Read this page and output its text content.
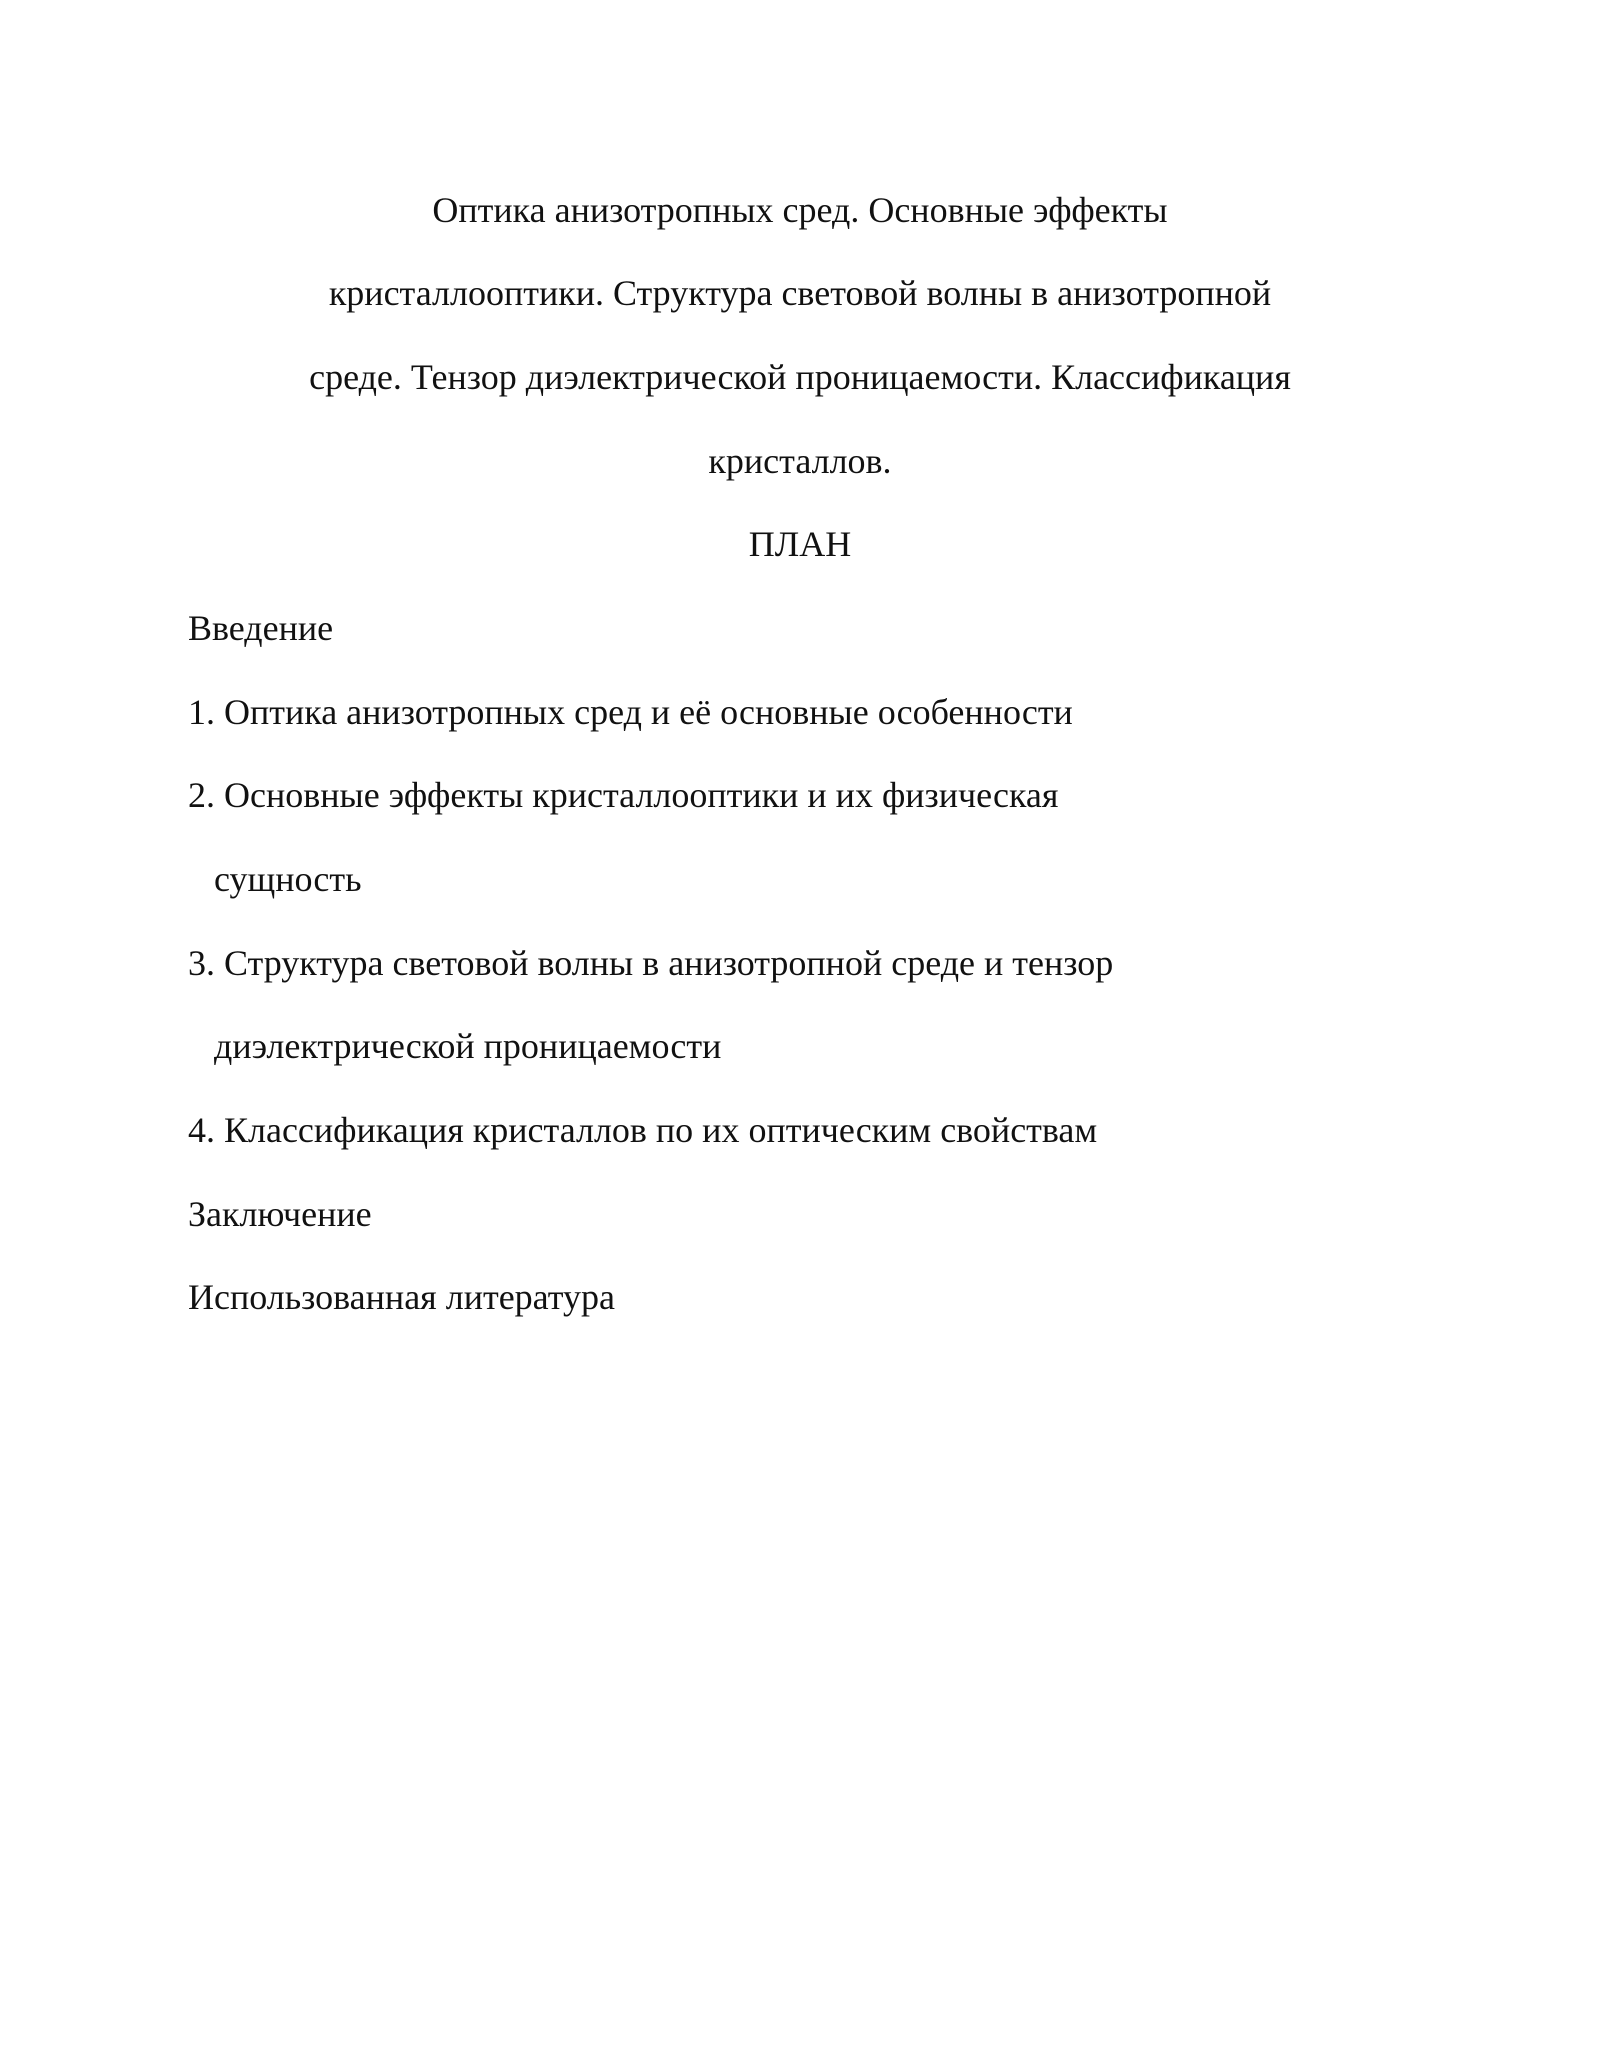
Оптика анизотропных сред. Основные эффекты
кристаллооптики. Структура световой волны в анизотропной
среде. Тензор диэлектрической проницаемости. Классификация
кристаллов.
ПЛАН
Введение
1. Оптика анизотропных сред и её основные особенности
2. Основные эффекты кристаллооптики и их физическая
сущность
3. Структура световой волны в анизотропной среде и тензор
диэлектрической проницаемости
4. Классификация кристаллов по их оптическим свойствам
Заключение
Использованная литература
